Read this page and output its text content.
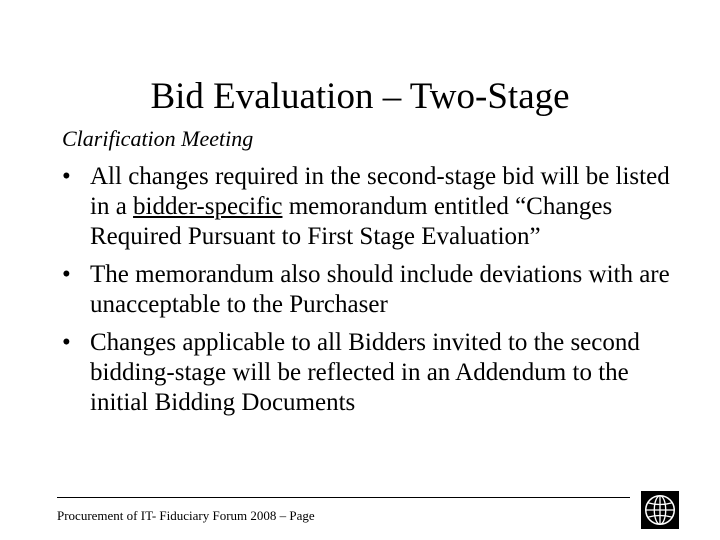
Bid Evaluation – Two-Stage
Clarification Meeting
• All changes required in the second-stage bid will be listed in a bidder-specific memorandum entitled “Changes Required Pursuant to First Stage Evaluation”
• The memorandum also should include deviations with are unacceptable to the Purchaser
• Changes applicable to all Bidders invited to the second bidding-stage will be reflected in an Addendum to the initial Bidding Documents
Procurement of IT- Fiduciary Forum 2008 – Page
